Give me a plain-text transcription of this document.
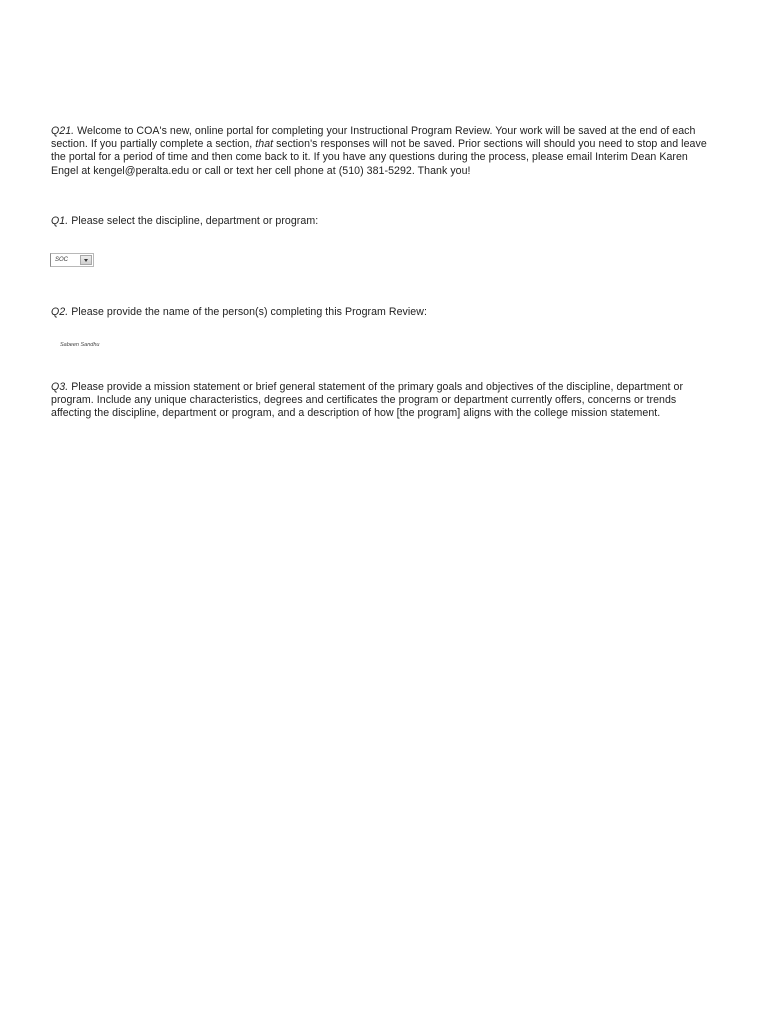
Q21. Welcome to COA's new, online portal for completing your Instructional Program Review. Your work will be saved at the end of each section. If you partially complete a section, that section's responses will not be saved. Prior sections will should you need to stop and leave the portal for a period of time and then come back to it. If you have any questions during the process, please email Interim Dean Karen Engel at kengel@peralta.edu or call or text her cell phone at (510) 381-5292. Thank you!
Q1. Please select the discipline, department or program:
SOC
Q2. Please provide the name of the person(s) completing this Program Review:
Sabeen Sandhu
Q3. Please provide a mission statement or brief general statement of the primary goals and objectives of the discipline, department or program. Include any unique characteristics, degrees and certificates the program or department currently offers, concerns or trends affecting the discipline, department or program, and a description of how [the program] aligns with the college mission statement.
